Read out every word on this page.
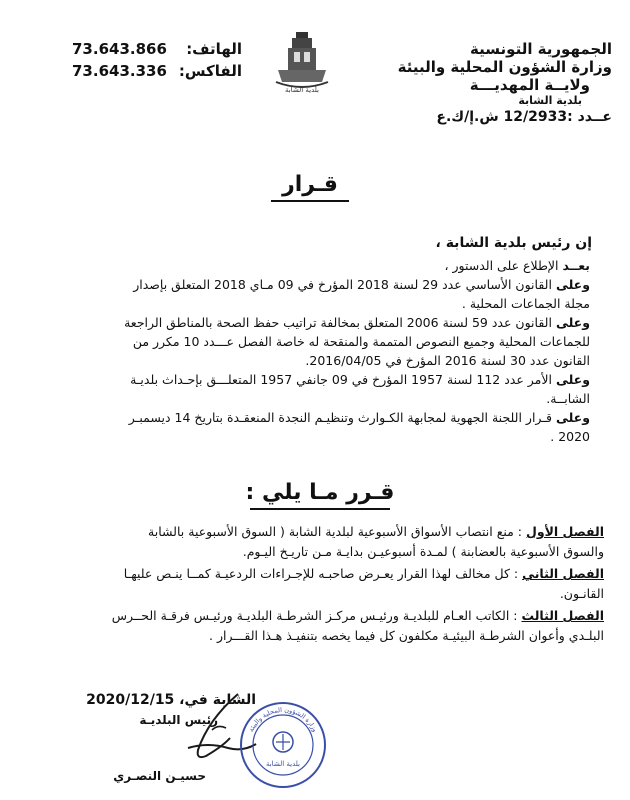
الجمهورية التونسية
وزارة الشؤون المحلية والبيئة
ولايــة المهديـــة
بلدية الشابة
عــدد :12/2933 ش.إ/ك.ع
73.643.866 الهاتف:
73.643.336 الفاكس:
بلدية الشابة
قـرار

إن رئيس بلدية الشابة ،

بعــد الإطلاع على الدستور ،

وعلى القانون الأساسي عدد 29 لسنة 2018 المؤرخ في 09 مـاي 2018 المتعلق بإصدار مجلة الجماعات المحلية .

وعلى القانون عدد 59 لسنة 2006 المتعلق بمخالفة تراتيب حفظ الصحة بالمناطق الراجعة للجماعات المحلية وجميع النصوص المتممة والمنقحة له خاصة الفصل عـــدد 10 مكرر من القانون عدد 30 لسنة 2016 المؤرخ في 2016/04/05.

وعلى الأمر عدد 112 لسنة 1957 المؤرخ في 09 جانفي 1957 المتعلـــق بإحـداث بلديـة الشابــة.

وعلى قـرار اللجنة الجهوية لمجابهة الكـوارث وتنظيـم النجدة المنعقـدة بتاريخ 14 ديسمبـر 2020 .

قـرر مـا يلي :

الفصل الأول : منع انتصاب الأسواق الأسبوعية لبلدية الشابة ( السوق الأسبوعية بالشابة والسوق الأسبوعية بالعضابنة ) لمـدة أسبوعيـن بدايـة مـن تاريـخ اليـوم.

الفصل الثاني : كل مخالف لهذا القرار يعـرض صاحبـه للإجـراءات الردعيـة كمــا ينـص عليهـا القانـون.

الفصل الثالث : الكاتب العـام للبلديـة ورئيـس مركـز الشرطـة البلديـة ورئيـس فرقـة الحــرس البلـدي وأعوان الشرطـة البيئيـة مكلفون كل فيما يخصه بتنفيـذ هـذا القـــرار .

الشابة في، 2020/12/15
رئيس البلديـة
حسيـن النصـري
وزارة الشؤون المحلية والبيئة
بلدية الشابة
